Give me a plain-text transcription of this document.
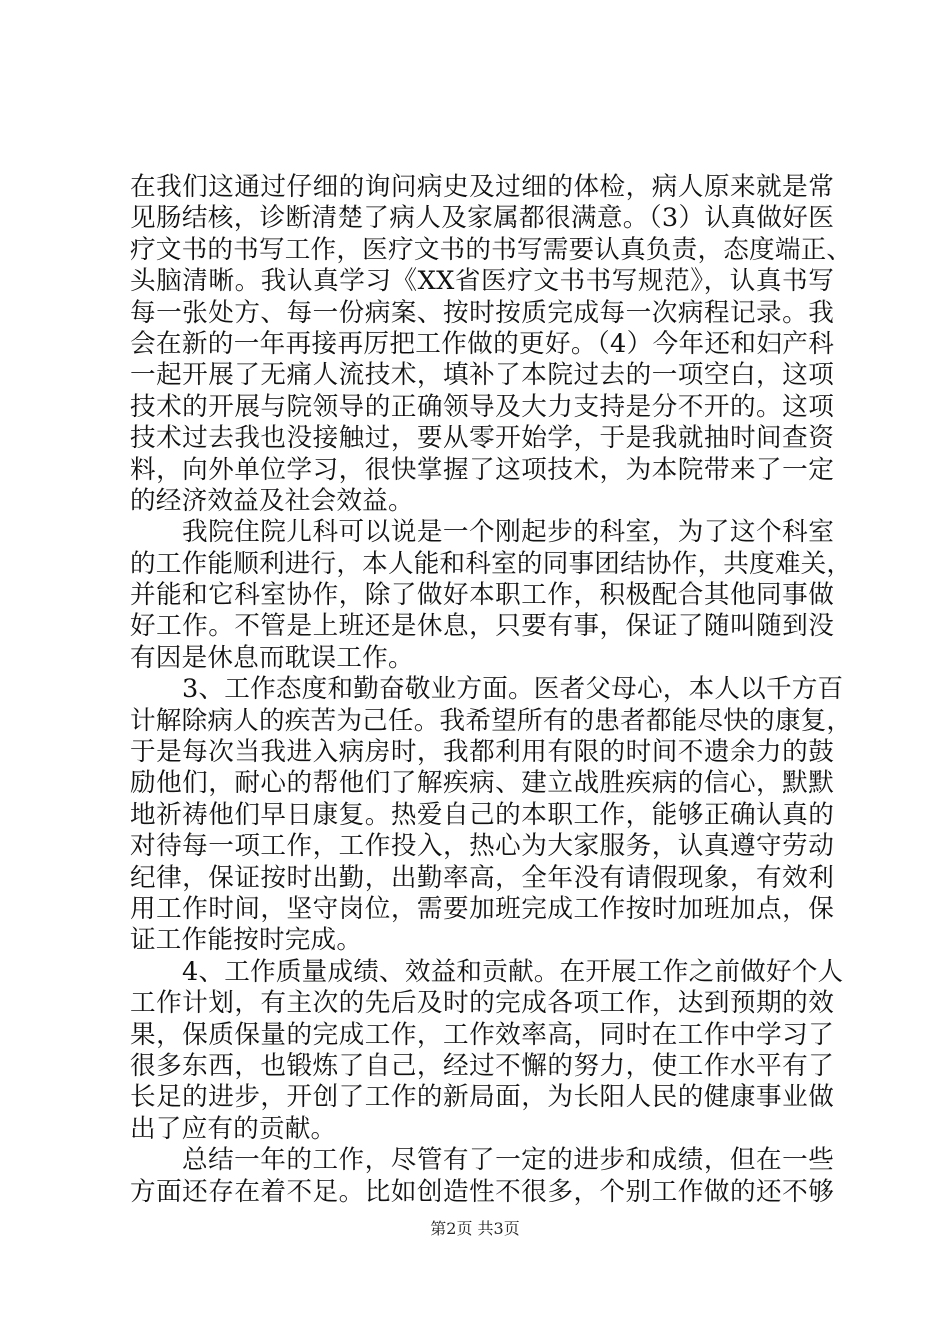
在我们这通过仔细的询问病史及过细的体检，病人原来就是常
见肠结核，诊断清楚了病人及家属都很满意。（3）认真做好医
疗文书的书写工作，医疗文书的书写需要认真负责，态度端正、
头脑清晰。我认真学习《XX省医疗文书书写规范》，认真书写
每一张处方、每一份病案、按时按质完成每一次病程记录。我
会在新的一年再接再厉把工作做的更好。（4）今年还和妇产科
一起开展了无痛人流技术，填补了本院过去的一项空白，这项
技术的开展与院领导的正确领导及大力支持是分不开的。这项
技术过去我也没接触过，要从零开始学，于是我就抽时间查资
料，向外单位学习，很快掌握了这项技术，为本院带来了一定
的经济效益及社会效益。
我院住院儿科可以说是一个刚起步的科室，为了这个科室
的工作能顺利进行，本人能和科室的同事团结协作，共度难关，
并能和它科室协作，除了做好本职工作，积极配合其他同事做
好工作。不管是上班还是休息，只要有事，保证了随叫随到没
有因是休息而耽误工作。
3、工作态度和勤奋敬业方面。医者父母心，本人以千方百
计解除病人的疾苦为己任。我希望所有的患者都能尽快的康复，
于是每次当我进入病房时，我都利用有限的时间不遗余力的鼓
励他们，耐心的帮他们了解疾病、建立战胜疾病的信心，默默
地祈祷他们早日康复。热爱自己的本职工作，能够正确认真的
对待每一项工作，工作投入，热心为大家服务，认真遵守劳动
纪律，保证按时出勤，出勤率高，全年没有请假现象，有效利
用工作时间，坚守岗位，需要加班完成工作按时加班加点，保
证工作能按时完成。
4、工作质量成绩、效益和贡献。在开展工作之前做好个人
工作计划，有主次的先后及时的完成各项工作，达到预期的效
果，保质保量的完成工作，工作效率高，同时在工作中学习了
很多东西，也锻炼了自己，经过不懈的努力，使工作水平有了
长足的进步，开创了工作的新局面，为长阳人民的健康事业做
出了应有的贡献。
总结一年的工作，尽管有了一定的进步和成绩，但在一些
方面还存在着不足。比如创造性不很多，个别工作做的还不够
第2页 共3页
